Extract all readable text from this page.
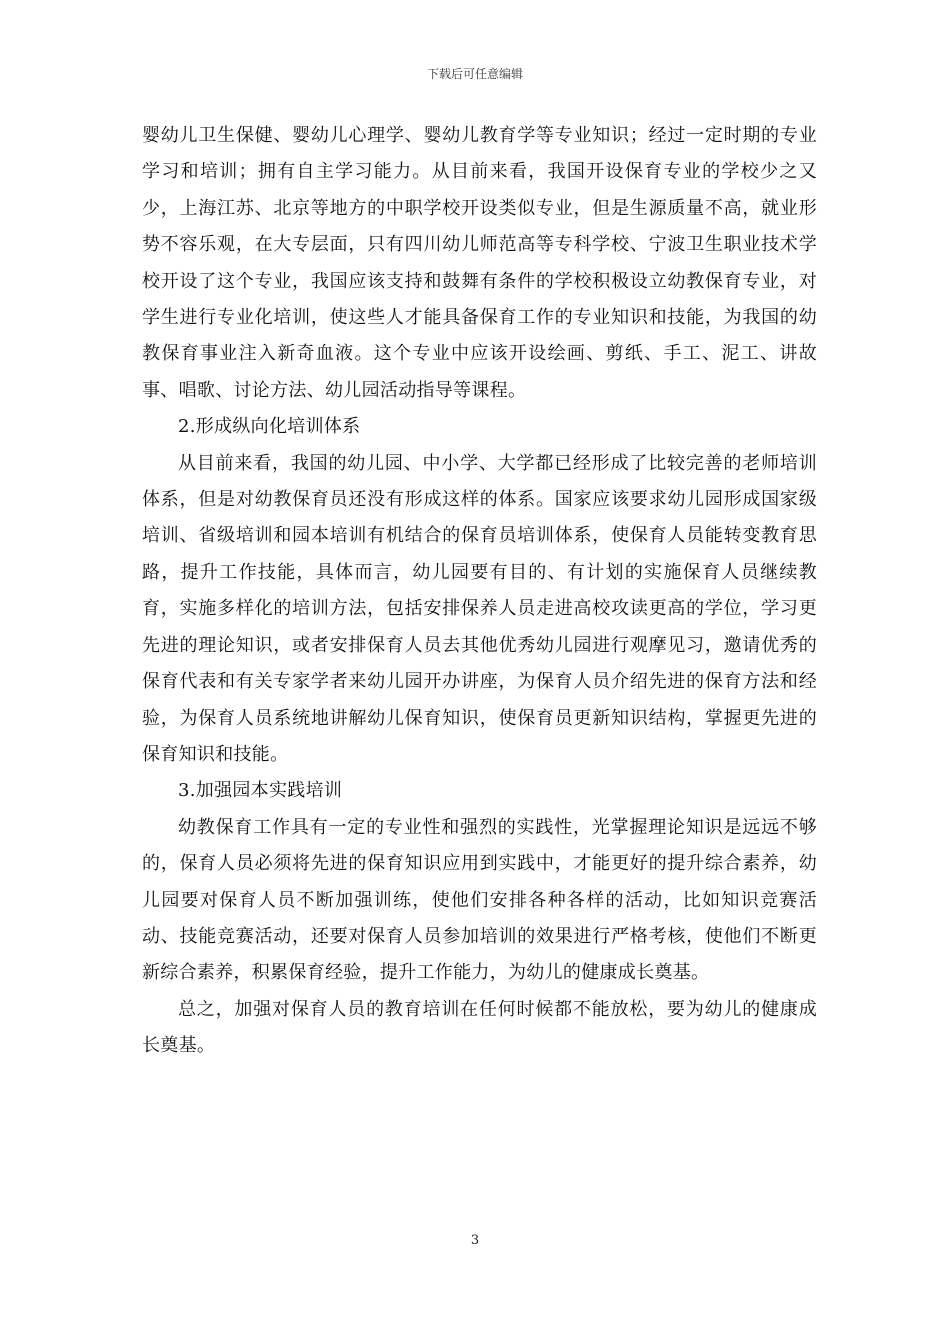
下载后可任意编辑

婴幼儿卫生保健、婴幼儿心理学、婴幼儿教育学等专业知识；经过一定时期的专业学习和培训；拥有自主学习能力。从目前来看，我国开设保育专业的学校少之又少，上海江苏、北京等地方的中职学校开设类似专业，但是生源质量不高，就业形势不容乐观，在大专层面，只有四川幼儿师范高等专科学校、宁波卫生职业技术学校开设了这个专业，我国应该支持和鼓舞有条件的学校积极设立幼教保育专业，对学生进行专业化培训，使这些人才能具备保育工作的专业知识和技能，为我国的幼教保育事业注入新奇血液。这个专业中应该开设绘画、剪纸、手工、泥工、讲故事、唱歌、讨论方法、幼儿园活动指导等课程。

2.形成纵向化培训体系

从目前来看，我国的幼儿园、中小学、大学都已经形成了比较完善的老师培训体系，但是对幼教保育员还没有形成这样的体系。国家应该要求幼儿园形成国家级培训、省级培训和园本培训有机结合的保育员培训体系，使保育人员能转变教育思路，提升工作技能，具体而言，幼儿园要有目的、有计划的实施保育人员继续教育，实施多样化的培训方法，包括安排保养人员走进高校攻读更高的学位，学习更先进的理论知识，或者安排保育人员去其他优秀幼儿园进行观摩见习，邀请优秀的保育代表和有关专家学者来幼儿园开办讲座，为保育人员介绍先进的保育方法和经验，为保育人员系统地讲解幼儿保育知识，使保育员更新知识结构，掌握更先进的保育知识和技能。

3.加强园本实践培训

幼教保育工作具有一定的专业性和强烈的实践性，光掌握理论知识是远远不够的，保育人员必须将先进的保育知识应用到实践中，才能更好的提升综合素养，幼儿园要对保育人员不断加强训练，使他们安排各种各样的活动，比如知识竞赛活动、技能竞赛活动，还要对保育人员参加培训的效果进行严格考核，使他们不断更新综合素养，积累保育经验，提升工作能力，为幼儿的健康成长奠基。

总之，加强对保育人员的教育培训在任何时候都不能放松，要为幼儿的健康成长奠基。

3
